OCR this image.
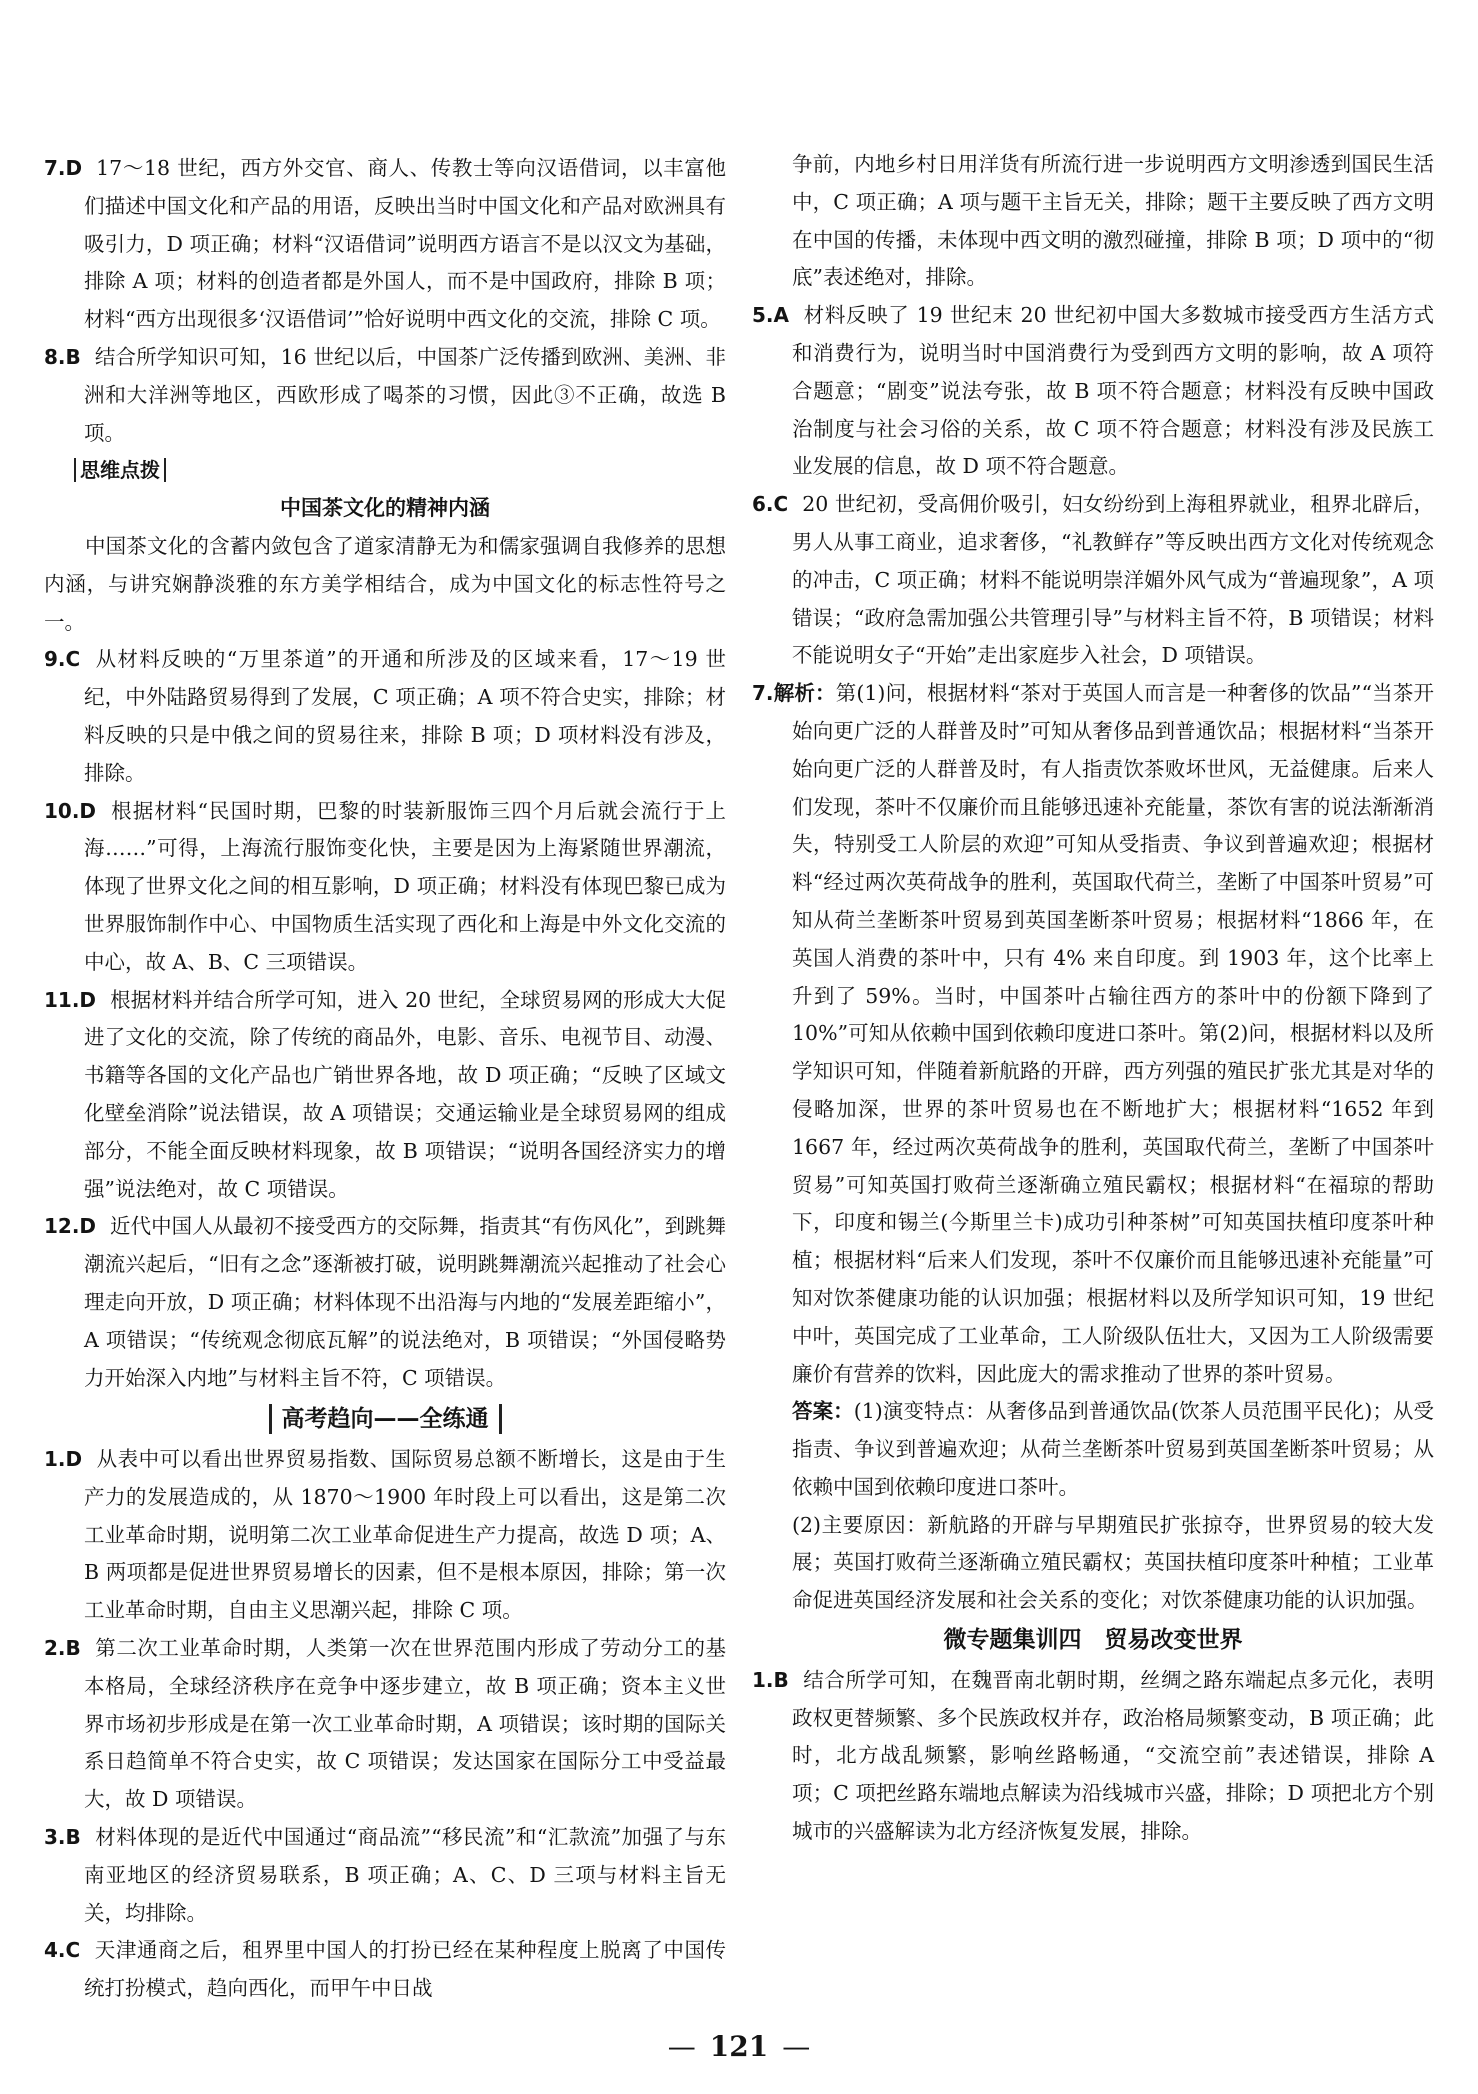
7.D 17～18 世纪，西方外交官、商人、传教士等向汉语借词，以丰富他们描述中国文化和产品的用语，反映出当时中国文化和产品对欧洲具有吸引力，D 项正确；材料“汉语借词”说明西方语言不是以汉文为基础，排除 A 项；材料的创造者都是外国人，而不是中国政府，排除 B 项；材料“西方出现很多‘汉语借词’”恰好说明中西文化的交流，排除 C 项。

8.B 结合所学知识可知，16 世纪以后，中国茶广泛传播到欧洲、美洲、非洲和大洋洲等地区，西欧形成了喝茶的习惯，因此③不正确，故选 B 项。

思维点拨

中国茶文化的精神内涵

中国茶文化的含蓄内敛包含了道家清静无为和儒家强调自我修养的思想内涵，与讲究娴静淡雅的东方美学相结合，成为中国文化的标志性符号之一。

9.C 从材料反映的“万里茶道”的开通和所涉及的区域来看，17～19 世纪，中外陆路贸易得到了发展，C 项正确；A 项不符合史实，排除；材料反映的只是中俄之间的贸易往来，排除 B 项；D 项材料没有涉及，排除。

10.D 根据材料“民国时期，巴黎的时装新服饰三四个月后就会流行于上海……”可得，上海流行服饰变化快，主要是因为上海紧随世界潮流，体现了世界文化之间的相互影响，D 项正确；材料没有体现巴黎已成为世界服饰制作中心、中国物质生活实现了西化和上海是中外文化交流的中心，故 A、B、C 三项错误。

11.D 根据材料并结合所学可知，进入 20 世纪，全球贸易网的形成大大促进了文化的交流，除了传统的商品外，电影、音乐、电视节目、动漫、书籍等各国的文化产品也广销世界各地，故 D 项正确；“反映了区域文化壁垒消除”说法错误，故 A 项错误；交通运输业是全球贸易网的组成部分，不能全面反映材料现象，故 B 项错误；“说明各国经济实力的增强”说法绝对，故 C 项错误。

12.D 近代中国人从最初不接受西方的交际舞，指责其“有伤风化”，到跳舞潮流兴起后，“旧有之念”逐渐被打破，说明跳舞潮流兴起推动了社会心理走向开放，D 项正确；材料体现不出沿海与内地的“发展差距缩小”，A 项错误；“传统观念彻底瓦解”的说法绝对，B 项错误；“外国侵略势力开始深入内地”与材料主旨不符，C 项错误。

高考趋向——全练通

1.D 从表中可以看出世界贸易指数、国际贸易总额不断增长，这是由于生产力的发展造成的，从 1870～1900 年时段上可以看出，这是第二次工业革命时期，说明第二次工业革命促进生产力提高，故选 D 项；A、B 两项都是促进世界贸易增长的因素，但不是根本原因，排除；第一次工业革命时期，自由主义思潮兴起，排除 C 项。

2.B 第二次工业革命时期，人类第一次在世界范围内形成了劳动分工的基本格局，全球经济秩序在竞争中逐步建立，故 B 项正确；资本主义世界市场初步形成是在第一次工业革命时期，A 项错误；该时期的国际关系日趋简单不符合史实，故 C 项错误；发达国家在国际分工中受益最大，故 D 项错误。

3.B 材料体现的是近代中国通过“商品流”“移民流”和“汇款流”加强了与东南亚地区的经济贸易联系，B 项正确；A、C、D 三项与材料主旨无关，均排除。

4.C 天津通商之后，租界里中国人的打扮已经在某种程度上脱离了中国传统打扮模式，趋向西化，而甲午中日战

争前，内地乡村日用洋货有所流行进一步说明西方文明渗透到国民生活中，C 项正确；A 项与题干主旨无关，排除；题干主要反映了西方文明在中国的传播，未体现中西文明的激烈碰撞，排除 B 项；D 项中的“彻底”表述绝对，排除。

5.A 材料反映了 19 世纪末 20 世纪初中国大多数城市接受西方生活方式和消费行为，说明当时中国消费行为受到西方文明的影响，故 A 项符合题意；“剧变”说法夸张，故 B 项不符合题意；材料没有反映中国政治制度与社会习俗的关系，故 C 项不符合题意；材料没有涉及民族工业发展的信息，故 D 项不符合题意。

6.C 20 世纪初，受高佣价吸引，妇女纷纷到上海租界就业，租界北辟后，男人从事工商业，追求奢侈，“礼教鲜存”等反映出西方文化对传统观念的冲击，C 项正确；材料不能说明崇洋媚外风气成为“普遍现象”，A 项错误；“政府急需加强公共管理引导”与材料主旨不符，B 项错误；材料不能说明女子“开始”走出家庭步入社会，D 项错误。

7.解析：第(1)问，根据材料“茶对于英国人而言是一种奢侈的饮品”“当茶开始向更广泛的人群普及时”可知从奢侈品到普通饮品；根据材料“当茶开始向更广泛的人群普及时，有人指责饮茶败坏世风，无益健康。后来人们发现，茶叶不仅廉价而且能够迅速补充能量，茶饮有害的说法渐渐消失，特别受工人阶层的欢迎”可知从受指责、争议到普遍欢迎；根据材料“经过两次英荷战争的胜利，英国取代荷兰，垄断了中国茶叶贸易”可知从荷兰垄断茶叶贸易到英国垄断茶叶贸易；根据材料“1866 年，在英国人消费的茶叶中，只有 4% 来自印度。到 1903 年，这个比率上升到了 59%。当时，中国茶叶占输往西方的茶叶中的份额下降到了 10%”可知从依赖中国到依赖印度进口茶叶。第(2)问，根据材料以及所学知识可知，伴随着新航路的开辟，西方列强的殖民扩张尤其是对华的侵略加深，世界的茶叶贸易也在不断地扩大；根据材料“1652 年到 1667 年，经过两次英荷战争的胜利，英国取代荷兰，垄断了中国茶叶贸易”可知英国打败荷兰逐渐确立殖民霸权；根据材料“在福琼的帮助下，印度和锡兰(今斯里兰卡)成功引种茶树”可知英国扶植印度茶叶种植；根据材料“后来人们发现，茶叶不仅廉价而且能够迅速补充能量”可知对饮茶健康功能的认识加强；根据材料以及所学知识可知，19 世纪中叶，英国完成了工业革命，工人阶级队伍壮大，又因为工人阶级需要廉价有营养的饮料，因此庞大的需求推动了世界的茶叶贸易。

答案：(1)演变特点：从奢侈品到普通饮品(饮茶人员范围平民化)；从受指责、争议到普遍欢迎；从荷兰垄断茶叶贸易到英国垄断茶叶贸易；从依赖中国到依赖印度进口茶叶。

(2)主要原因：新航路的开辟与早期殖民扩张掠夺，世界贸易的较大发展；英国打败荷兰逐渐确立殖民霸权；英国扶植印度茶叶种植；工业革命促进英国经济发展和社会关系的变化；对饮茶健康功能的认识加强。

微专题集训四　贸易改变世界

1.B 结合所学可知，在魏晋南北朝时期，丝绸之路东端起点多元化，表明政权更替频繁、多个民族政权并存，政治格局频繁变动，B 项正确；此时，北方战乱频繁，影响丝路畅通，“交流空前”表述错误，排除 A 项；C 项把丝路东端地点解读为沿线城市兴盛，排除；D 项把北方个别城市的兴盛解读为北方经济恢复发展，排除。

— 121 —
